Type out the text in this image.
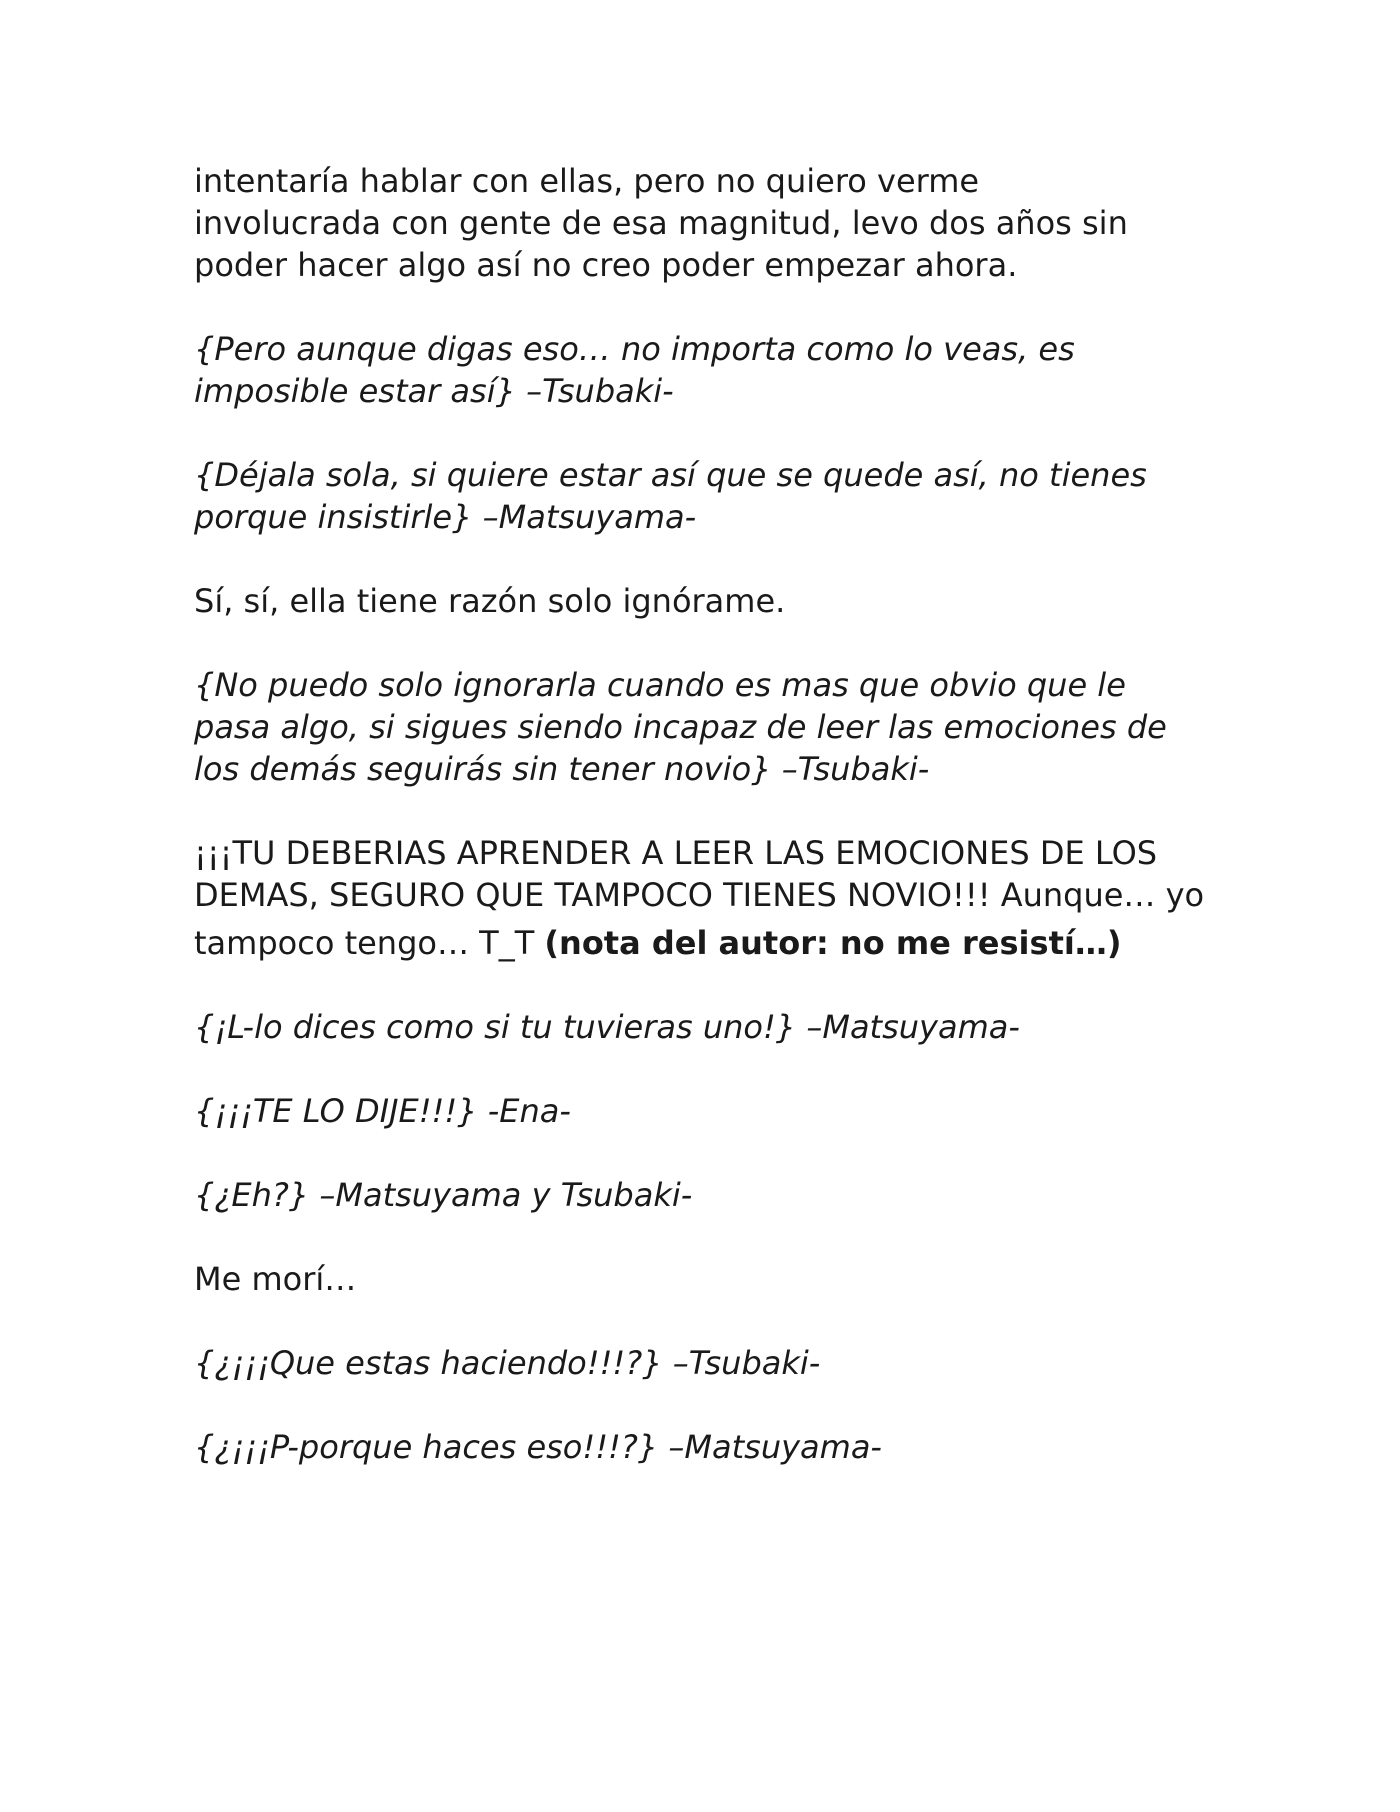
intentaría hablar con ellas, pero no quiero verme
involucrada con gente de esa magnitud, levo dos años sin
poder hacer algo así no creo poder empezar ahora.

{Pero aunque digas eso… no importa como lo veas, es
imposible estar así} –Tsubaki-

{Déjala sola, si quiere estar así que se quede así, no tienes
porque insistirle} –Matsuyama-

Sí, sí, ella tiene razón solo ignórame.

{No puedo solo ignorarla cuando es mas que obvio que le
pasa algo, si sigues siendo incapaz de leer las emociones de
los demás seguirás sin tener novio} –Tsubaki-

¡¡¡TU DEBERIAS APRENDER A LEER LAS EMOCIONES DE LOS
DEMAS, SEGURO QUE TAMPOCO TIENES NOVIO!!! Aunque… yo
tampoco tengo… T_T (nota del autor: no me resistí…)

{¡L-lo dices como si tu tuvieras uno!} –Matsuyama-

{¡¡¡TE LO DIJE!!!} -Ena-

{¿Eh?} –Matsuyama y Tsubaki-

Me morí…

{¿¡¡¡Que estas haciendo!!!?} –Tsubaki-

{¿¡¡¡P-porque haces eso!!!?} –Matsuyama-
